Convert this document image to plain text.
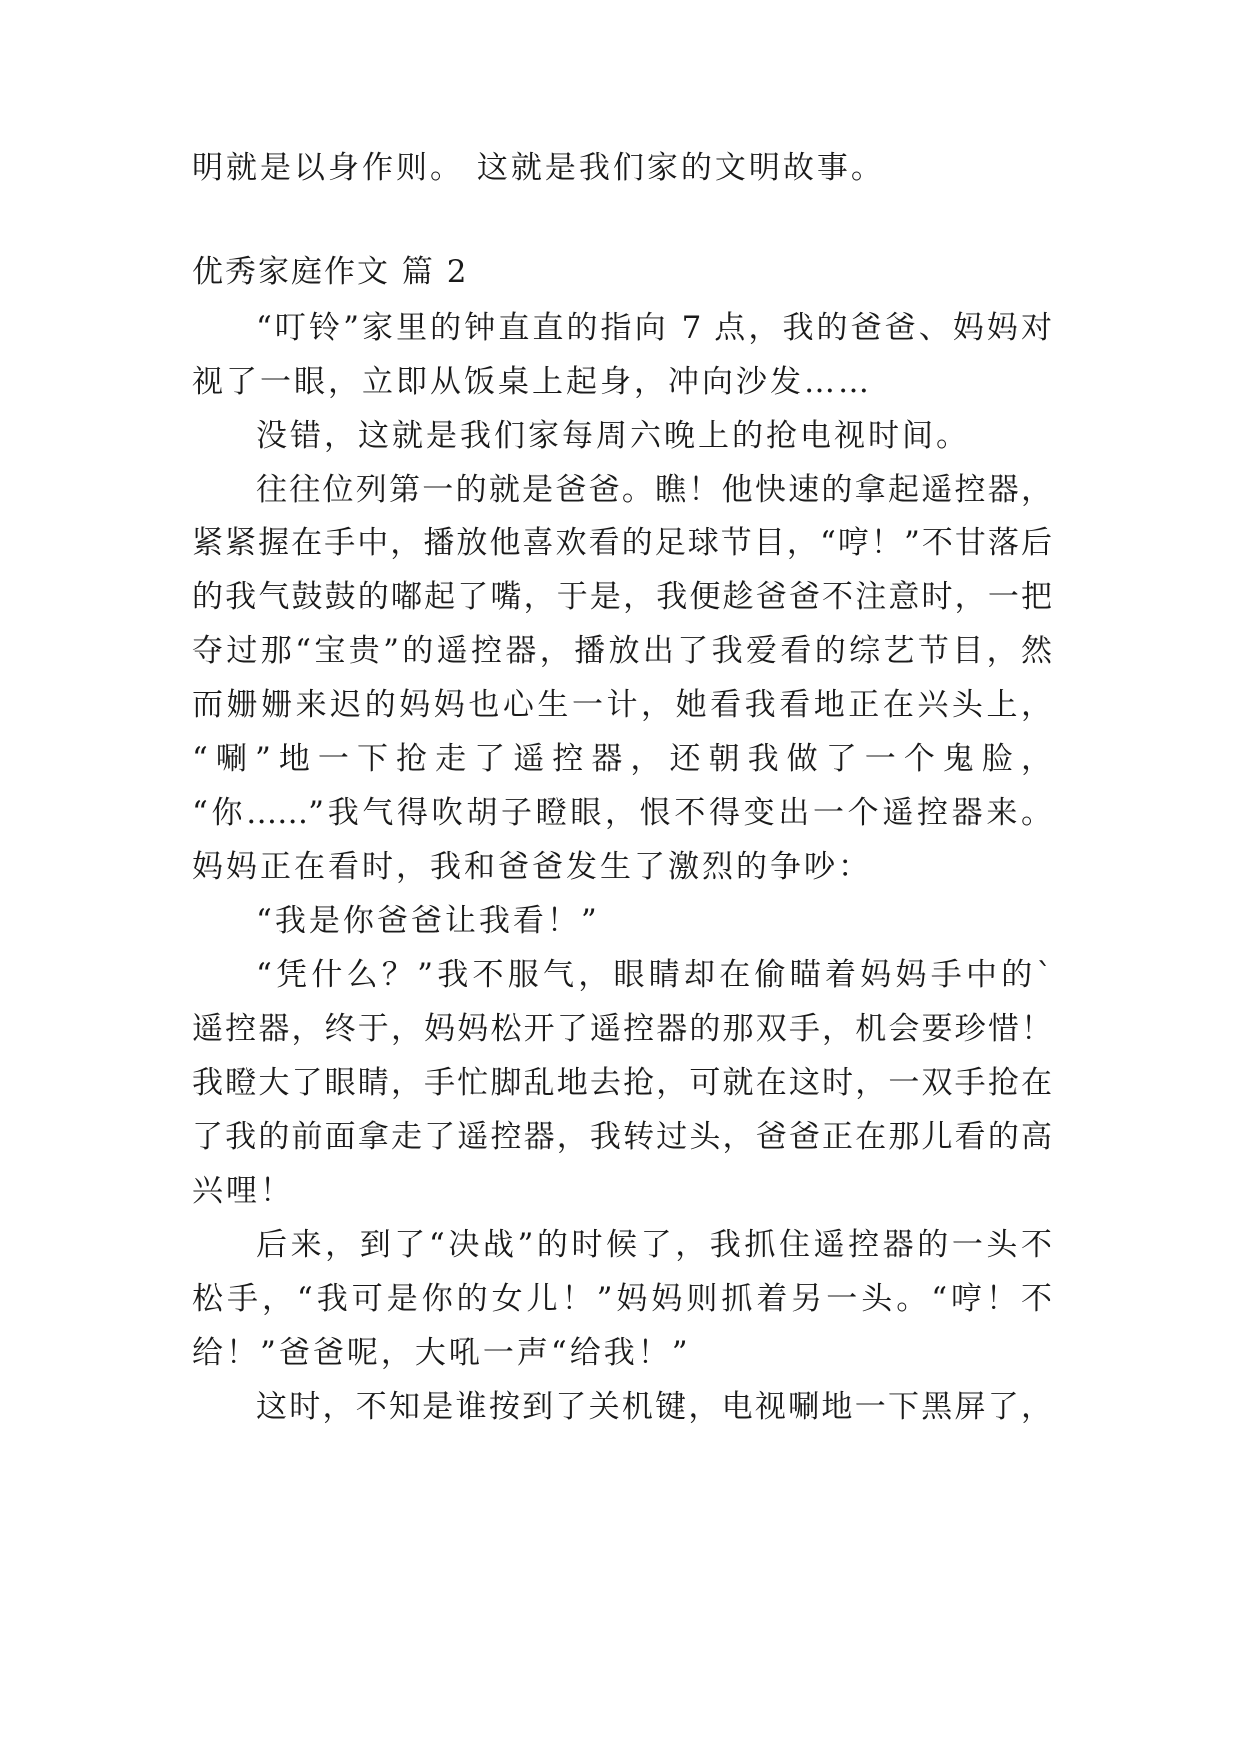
明就是以身作则。 这就是我们家的文明故事。
优秀家庭作文 篇 2
“叮铃”家里的钟直直的指向 7 点，我的爸爸、妈妈对
视了一眼，立即从饭桌上起身，冲向沙发……
没错，这就是我们家每周六晚上的抢电视时间。
往往位列第一的就是爸爸。瞧！他快速的拿起遥控器，
紧紧握在手中，播放他喜欢看的足球节目，“哼！”不甘落后
的我气鼓鼓的嘟起了嘴，于是，我便趁爸爸不注意时，一把
夺过那“宝贵”的遥控器，播放出了我爱看的综艺节目，然
而姗姗来迟的妈妈也心生一计，她看我看地正在兴头上，
“唰”地一下抢走了遥控器，还朝我做了一个鬼脸，
“你……”我气得吹胡子瞪眼，恨不得变出一个遥控器来。
妈妈正在看时，我和爸爸发生了激烈的争吵：
“我是你爸爸让我看！”
“凭什么？”我不服气，眼睛却在偷瞄着妈妈手中的`
遥控器，终于，妈妈松开了遥控器的那双手，机会要珍惜！
我瞪大了眼睛，手忙脚乱地去抢，可就在这时，一双手抢在
了我的前面拿走了遥控器，我转过头，爸爸正在那儿看的高
兴哩！
后来，到了“决战”的时候了，我抓住遥控器的一头不
松手，“我可是你的女儿！”妈妈则抓着另一头。“哼！不
给！”爸爸呢，大吼一声“给我！”
这时，不知是谁按到了关机键，电视唰地一下黑屏了，
